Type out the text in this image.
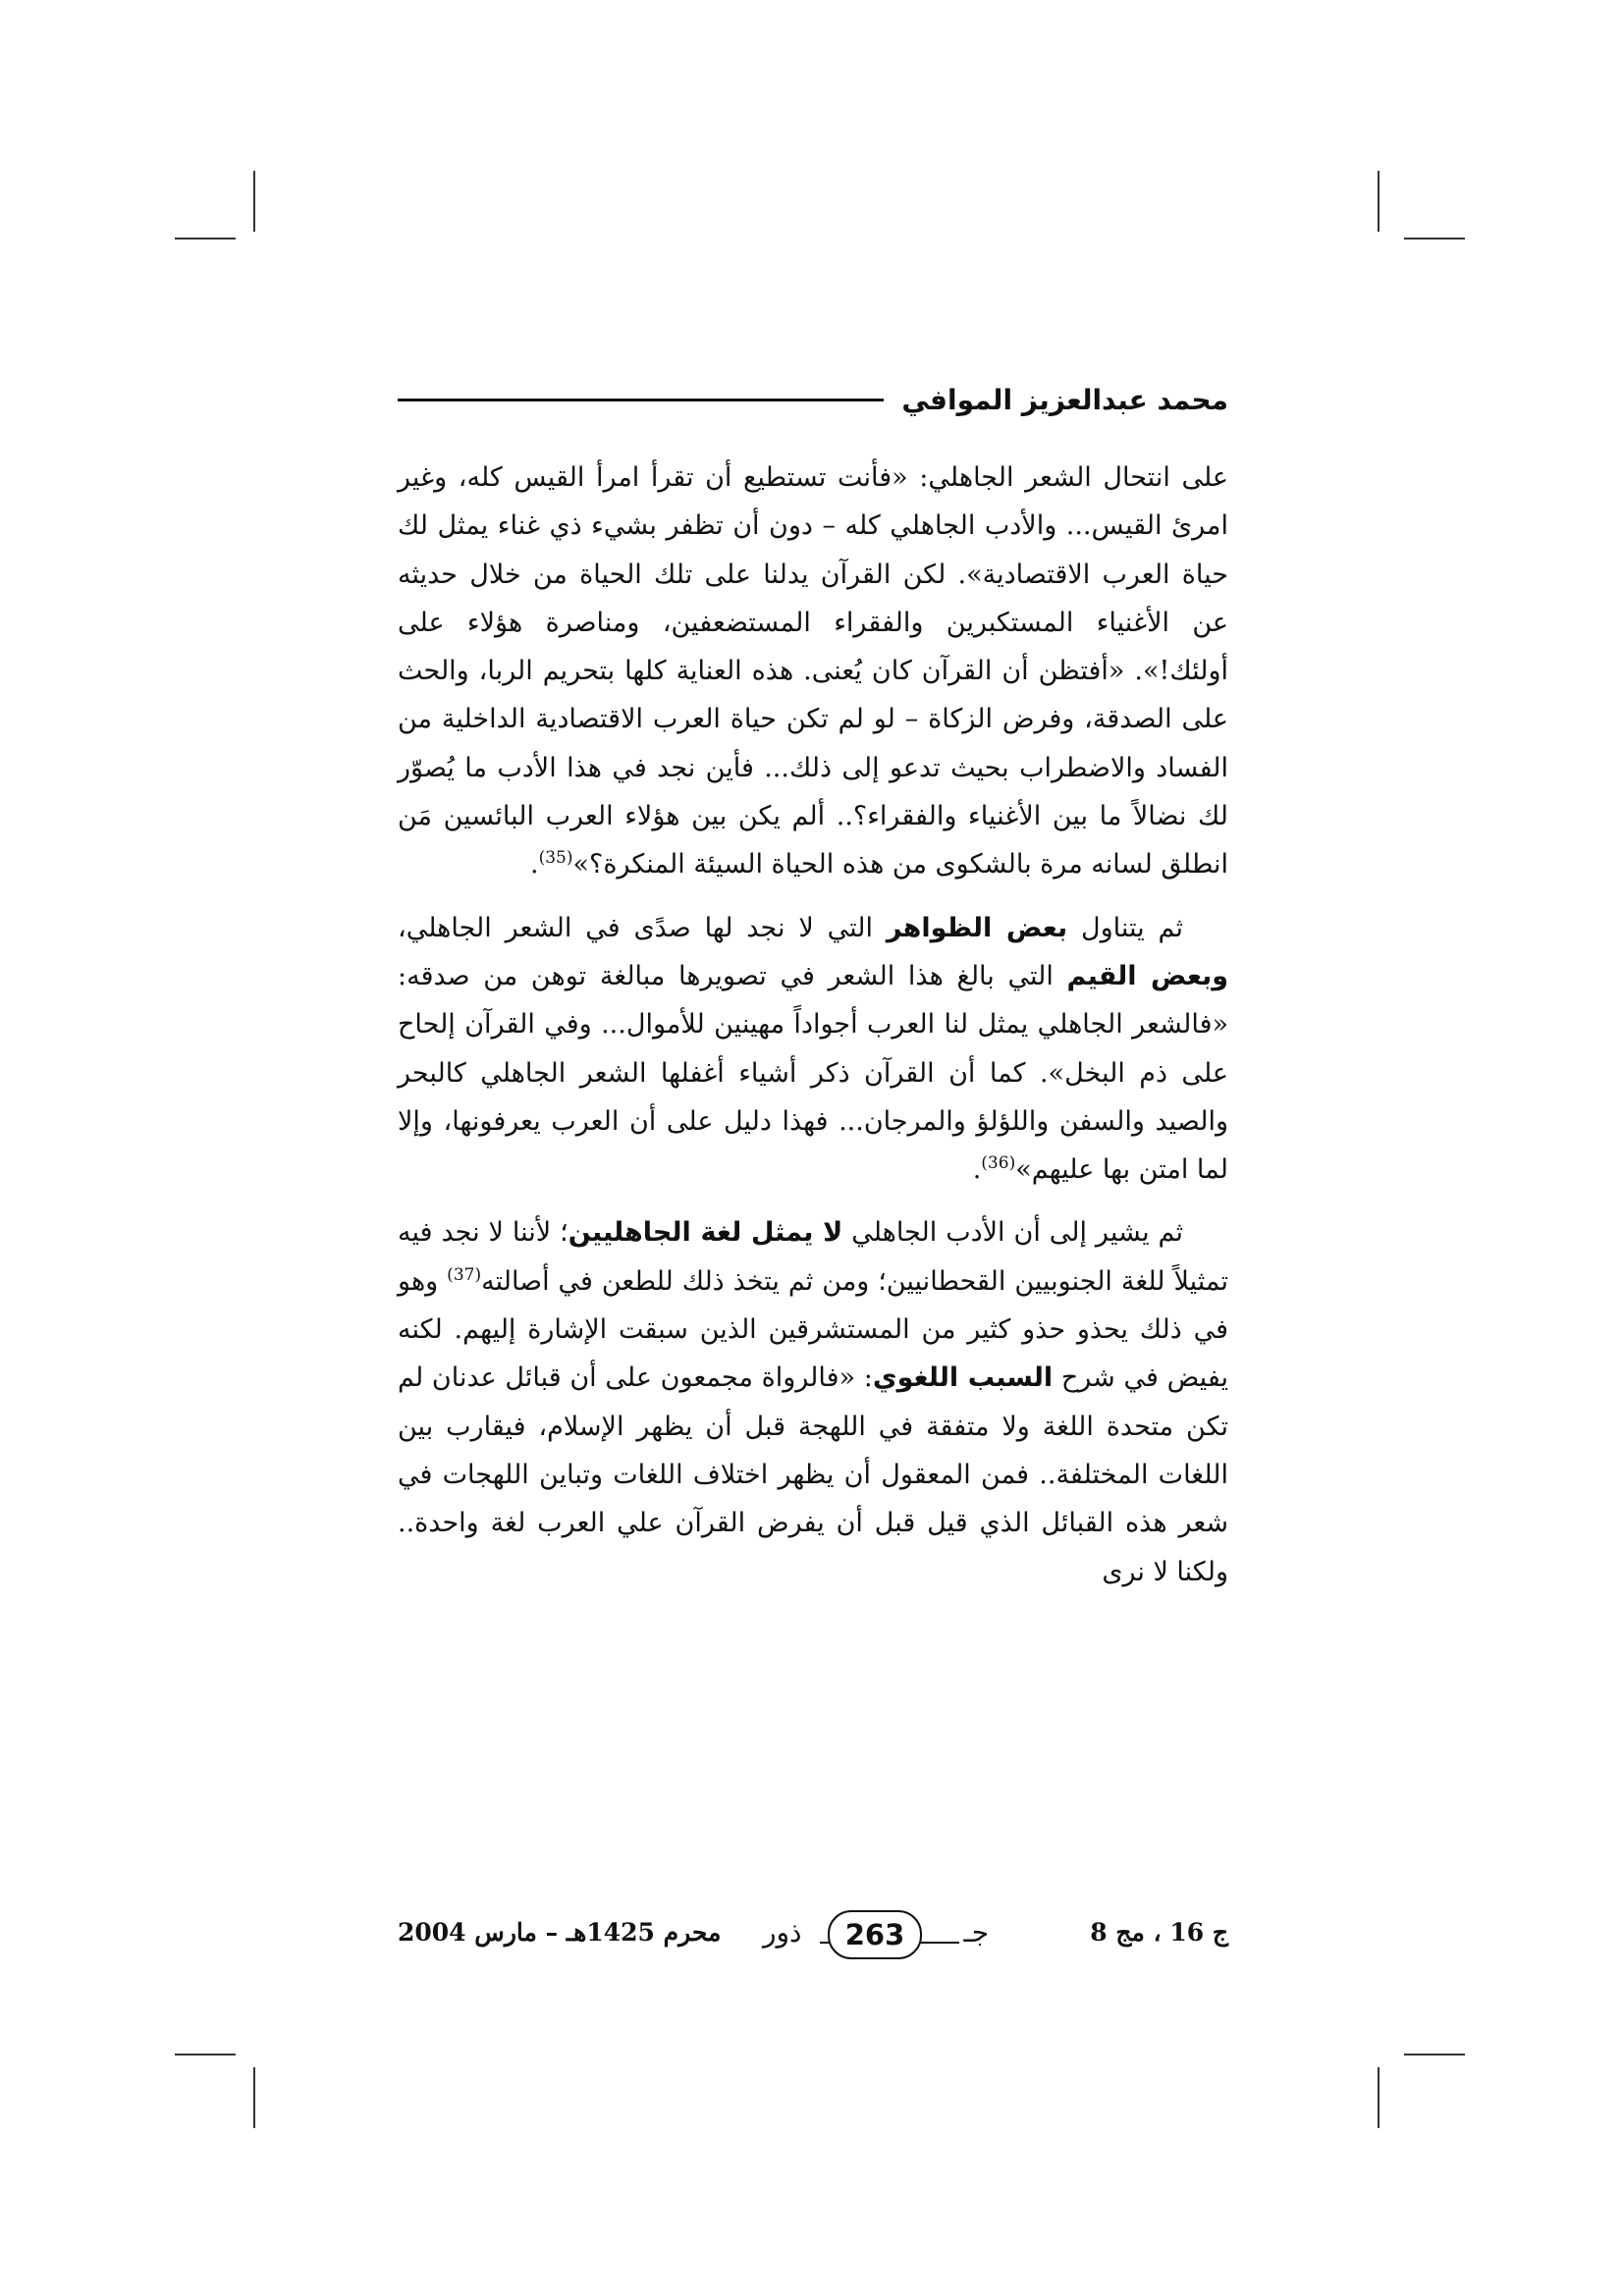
محمد عبدالعزيز الموافي

على انتحال الشعر الجاهلي: «فأنت تستطيع أن تقرأ امرأ القيس كله، وغير امرئ القيس... والأدب الجاهلي كله – دون أن تظفر بشيء ذي غناء يمثل لك حياة العرب الاقتصادية». لكن القرآن يدلنا على تلك الحياة من خلال حديثه عن الأغنياء المستكبرين والفقراء المستضعفين، ومناصرة هؤلاء على أولئك!». «أفتظن أن القرآن كان يُعنى. هذه العناية كلها بتحريم الربا، والحث على الصدقة، وفرض الزكاة – لو لم تكن حياة العرب الاقتصادية الداخلية من الفساد والاضطراب بحيث تدعو إلى ذلك... فأين نجد في هذا الأدب ما يُصوّر لك نضالاً ما بين الأغنياء والفقراء؟.. ألم يكن بين هؤلاء العرب البائسين مَن انطلق لسانه مرة بالشكوى من هذه الحياة السيئة المنكرة؟»$^{(35)}$.

ثم يتناول بعض الظواهر التي لا نجد لها صدًى في الشعر الجاهلي، وبعض القيم التي بالغ هذا الشعر في تصويرها مبالغة توهن من صدقه: «فالشعر الجاهلي يمثل لنا العرب أجواداً مهينين للأموال... وفي القرآن إلحاح على ذم البخل». كما أن القرآن ذكر أشياء أغفلها الشعر الجاهلي كالبحر والصيد والسفن واللؤلؤ والمرجان... فهذا دليل على أن العرب يعرفونها، وإلا لما امتن بها عليهم»$^{(36)}$.

ثم يشير إلى أن الأدب الجاهلي لا يمثل لغة الجاهليين؛ لأننا لا نجد فيه تمثيلاً للغة الجنوبيين القحطانيين؛ ومن ثم يتخذ ذلك للطعن في أصالته$^{(37)}$ وهو في ذلك يحذو حذو كثير من المستشرقين الذين سبقت الإشارة إليهم. لكنه يفيض في شرح السبب اللغوي: «فالرواة مجمعون على أن قبائل عدنان لم تكن متحدة اللغة ولا متفقة في اللهجة قبل أن يظهر الإسلام، فيقارب بين اللغات المختلفة.. فمن المعقول أن يظهر اختلاف اللغات وتباين اللهجات في شعر هذه القبائل الذي قيل قبل أن يفرض القرآن علي العرب لغة واحدة.. ولكنا لا نرى

ج 16 ، مج 8
جـ
263
ذور
محرم 1425هـ – مارس 2004
